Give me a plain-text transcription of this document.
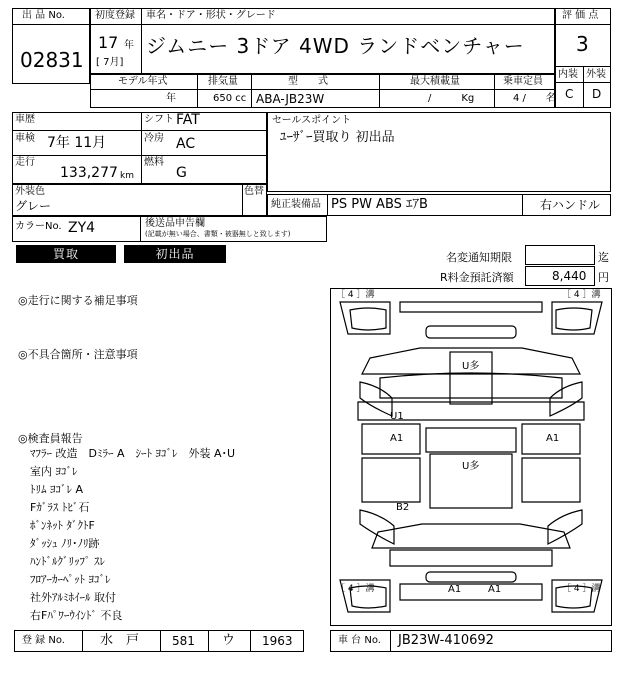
出 品 No.
02831
初度登録 車名・ドア・形状・グレード
17 年
[ 7月]
ジムニー 3ドア 4WD ランドベンチャー
評 価 点
3
内装 外装
C D
モデル年式	排気量	型　　式	最大積載量	乗車定員
年	650 cc ABA-JB23W	/　　　Kg	4 /　　名
車歴	シフト FAT
車検 7年 11月	冷房 AC
走行
133,277 km
燃料
G
セールスポイント
ﾕｰｻﾞｰ買取り 初出品
外装色
グレー
色替
純正装備品 PS PW ABS ｴｱB	右ハンドル
カラーNo. ZY4	後送品申告欄
(記載が無い場合、書類・被器無しと致します)
買取	初出品	名変通知期限	迄
R料金預託済額	8,440 円
◎走行に関する補足事項
◎不具合箇所・注意事項
◎検査員報告
ﾏﾌﾗｰ 改造　Dﾐﾗｰ A　ｼｰﾄ ﾖｺﾞﾚ　外装 A･U
室内 ﾖｺﾞﾚ
ﾄﾘﾑ ﾖｺﾞﾚ A
Fｶﾞﾗｽ ﾄﾋﾞ石
ﾎﾞﾝﾈｯﾄ ﾀﾞｸﾄF
ﾀﾞｯｼｭ ﾉﾘ･ﾉﾘ跡
ﾊﾝﾄﾞﾙｸﾞﾘｯﾌﾟ ｽﾚ
ﾌﾛｱｰｶｰﾍﾟｯﾄ ﾖｺﾞﾚ
社外ｱﾙﾐﾎｲｰﾙ 取付
右Fﾊﾟﾜｰｳｲﾝﾄﾞ 不良
［ 4 ］溝	［ 4 ］溝
［ 4 ］溝	［ 4 ］溝
U多
U1
A1	A1
U多
B2
A1	A1
登 録 No.	水　戸	581 ウ 1963	車 台 No. JB23W-410692
